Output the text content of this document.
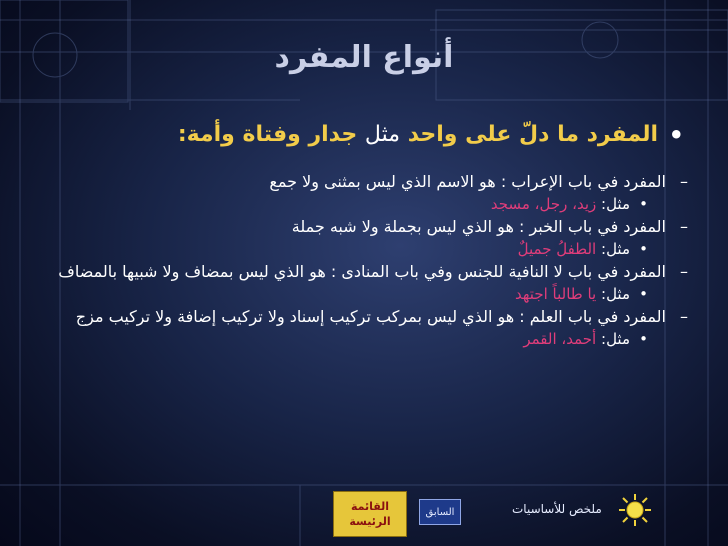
أنواع المفرد
•
المفرد ما دلّ على واحد مثل جدار وفتاة وأمة:
–
المفرد في باب الإعراب : هو الاسم الذي ليس بمثنى ولا جمع
•
مثل: زيد، رجل، مسجد
–
المفرد في باب الخبر : هو الذي ليس بجملة ولا شبه جملة
•
مثل: الطفلُ جميلٌ
–
المفرد في باب لا النافية للجنس وفي باب المنادى : هو الذي ليس بمضاف ولا شبيها بالمضاف
•
مثل: يا طالباً اجتهد
–
المفرد في باب العلم : هو الذي ليس بمركب تركيب إسناد ولا تركيب إضافة ولا تركيب مزج
•
مثل: أحمد، القمر
القائمة
الرئيسة
السابق	ملخص للأساسيات
